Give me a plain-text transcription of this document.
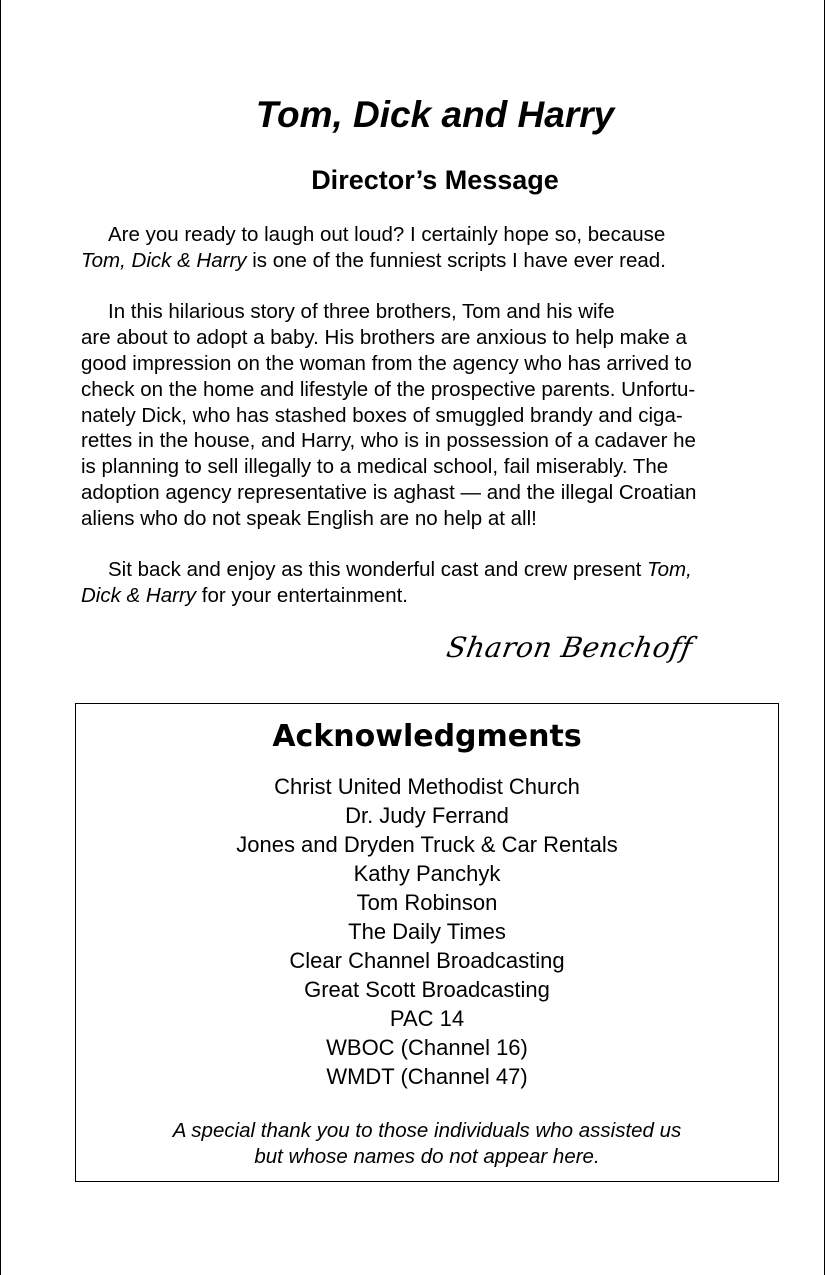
Tom, Dick and Harry
Director’s Message
Are you ready to laugh out loud? I certainly hope so, because
Tom, Dick & Harry is one of the funniest scripts I have ever read.
In this hilarious story of three brothers, Tom and his wife
are about to adopt a baby. His brothers are anxious to help make a
good impression on the woman from the agency who has arrived to
check on the home and lifestyle of the prospective parents. Unfortu-
nately Dick, who has stashed boxes of smuggled brandy and ciga-
rettes in the house, and Harry, who is in possession of a cadaver he
is planning to sell illegally to a medical school, fail miserably. The
adoption agency representative is aghast — and the illegal Croatian
aliens who do not speak English are no help at all!
Sit back and enjoy as this wonderful cast and crew present Tom,
Dick & Harry for your entertainment.
Sharon Benchoff
Acknowledgments
Christ United Methodist Church
Dr. Judy Ferrand
Jones and Dryden Truck & Car Rentals
Kathy Panchyk
Tom Robinson
The Daily Times
Clear Channel Broadcasting
Great Scott Broadcasting
PAC 14
WBOC (Channel 16)
WMDT (Channel 47)
A special thank you to those individuals who assisted us
but whose names do not appear here.
